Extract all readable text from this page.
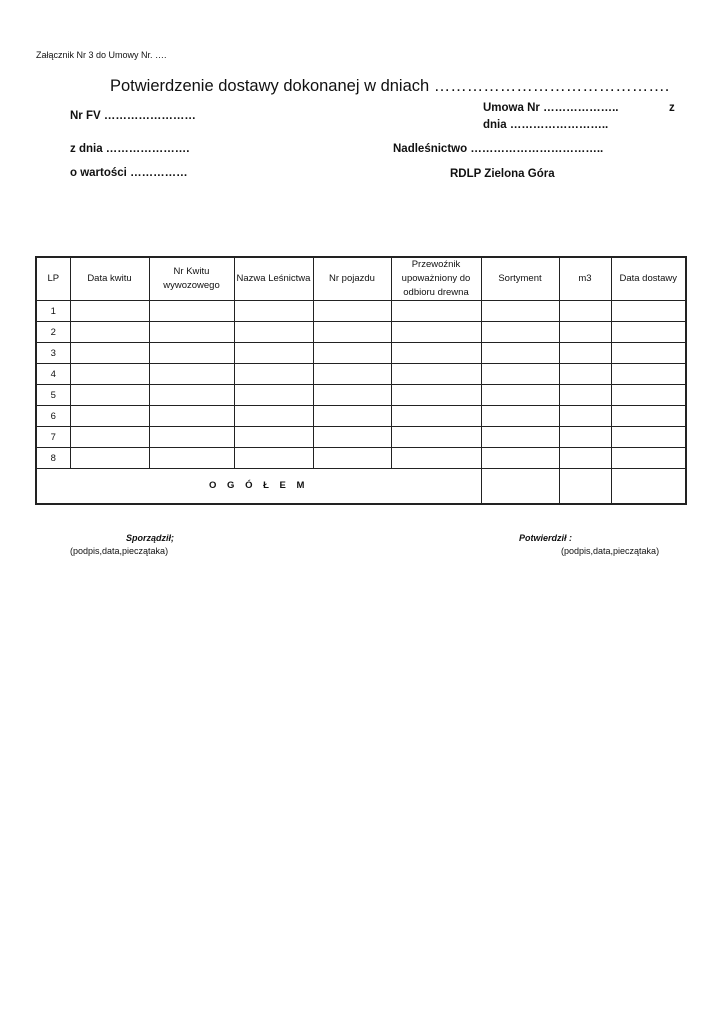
Załącznik Nr 3 do Umowy Nr. ….
Potwierdzenie dostawy dokonanej w dniach …………………………………….
Nr FV ……………………
Umowa Nr ………………..	z
dnia ……………………..
z dnia ………………….	Nadleśnictwo ……………………………..
o wartości ……………	RDLP Zielona Góra
LP	Data kwitu	Nr Kwitu wywozowego	Nazwa Leśnictwa	Nr pojazdu	Przewoźnik upoważniony do odbioru drewna	Sortyment	m3	Data dostawy
1								
2								
3								
4								
5								
6								
7								
8								
O G Ó Ł E M								
Sporządził;
(podpis,data,pieczątaka)
Potwierdził :
(podpis,data,pieczątaka)
